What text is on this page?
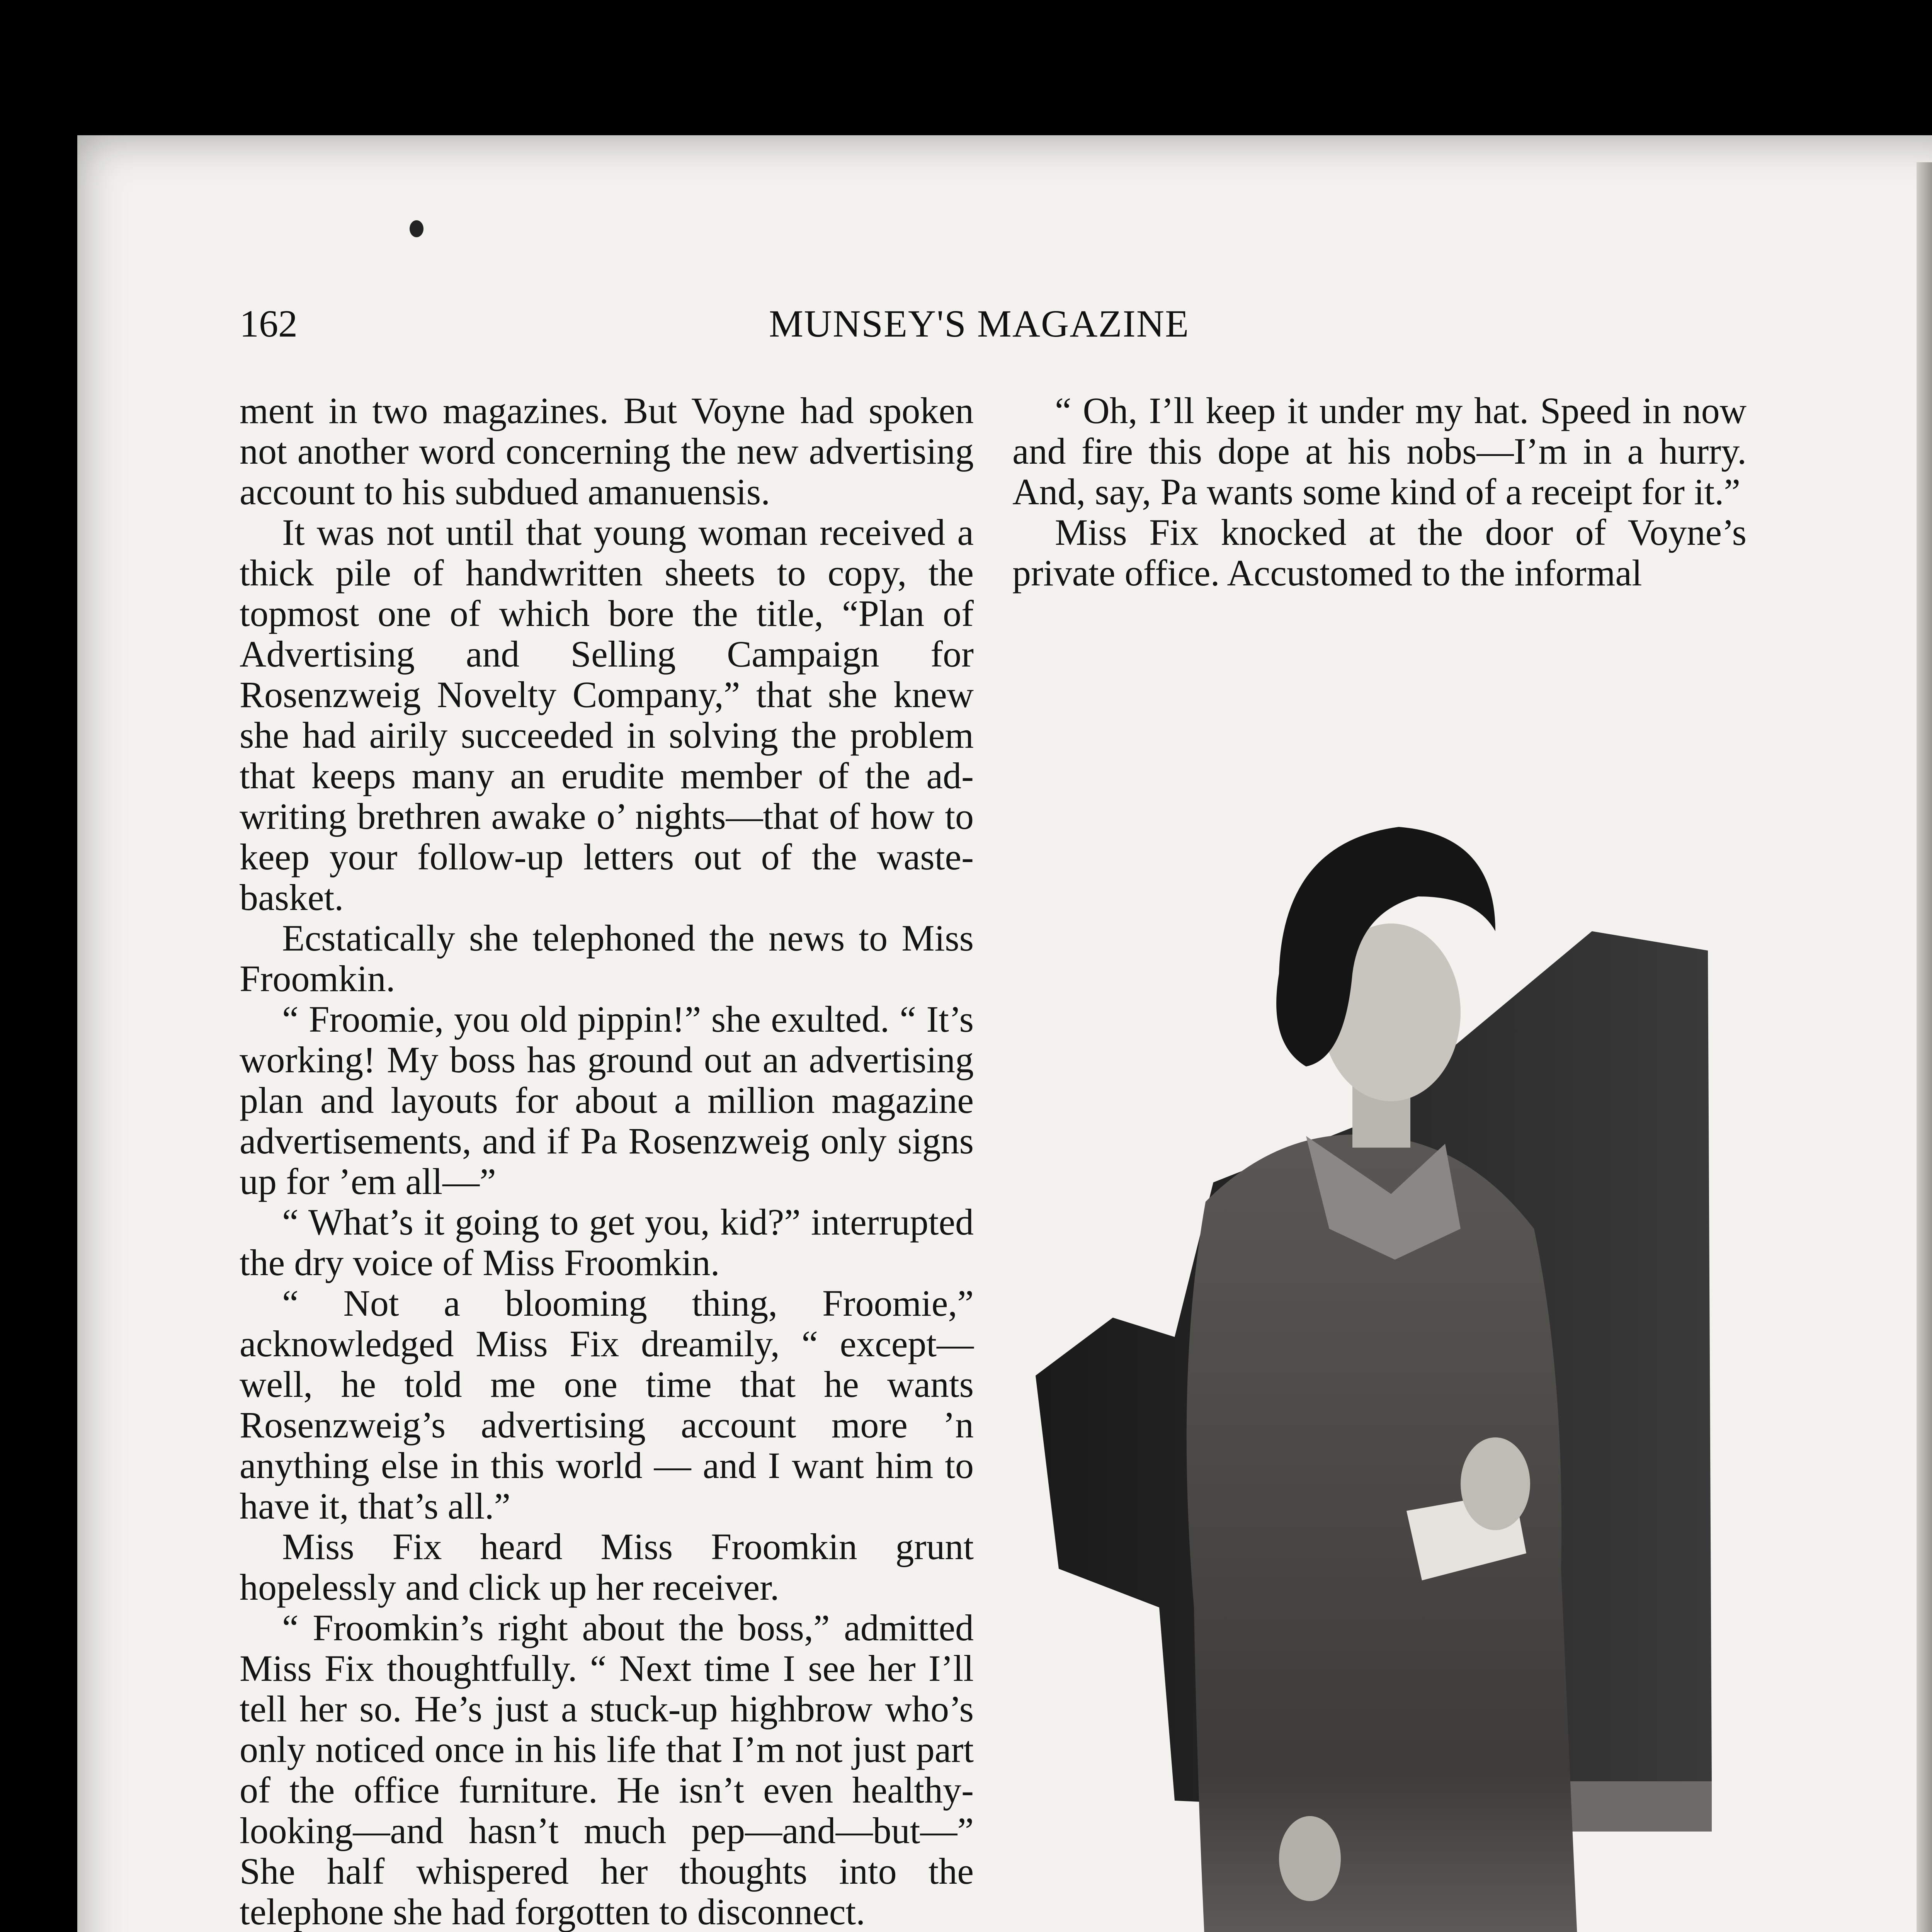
162	MUNSEY'S MAGAZINE

ment in two magazines. But Voyne had spoken not another word concerning the new advertising account to his subdued amanuensis.

It was not until that young woman received a thick pile of handwritten sheets to copy, the topmost one of which bore the title, “Plan of Advertising and Selling Campaign for Rosenzweig Novelty Company,” that she knew she had airily succeeded in solving the problem that keeps many an erudite member of the ad-writing brethren awake o’ nights—that of how to keep your follow-up letters out of the waste-basket.

Ecstatically she telephoned the news to Miss Froomkin.

“ Froomie, you old pippin!” she exulted. “ It’s working! My boss has ground out an advertising plan and layouts for about a million magazine advertisements, and if Pa Rosenzweig only signs up for ’em all—”

“ What’s it going to get you, kid?” interrupted the dry voice of Miss Froomkin.

“ Not a blooming thing, Froomie,” acknowledged Miss Fix dreamily, “ except—well, he told me one time that he wants Rosenzweig’s advertising account more ’n anything else in this world — and I want him to have it, that’s all.”

Miss Fix heard Miss Froomkin grunt hopelessly and click up her receiver.

“ Froomkin’s right about the boss,” admitted Miss Fix thoughtfully. “ Next time I see her I’ll tell her so. He’s just a stuck-up highbrow who’s only noticed once in his life that I’m not just part of the office furniture. He isn’t even healthy-looking—and hasn’t much pep—and—but—” She half whispered her thoughts into the telephone she had forgotten to disconnect.

“ Oh, I’ll keep it under my hat. Speed in now and fire this dope at his nobs—I’m in a hurry. And, say, Pa wants some kind of a receipt for it.”

Miss Fix knocked at the door of Voyne’s private office. Accustomed to the informal
